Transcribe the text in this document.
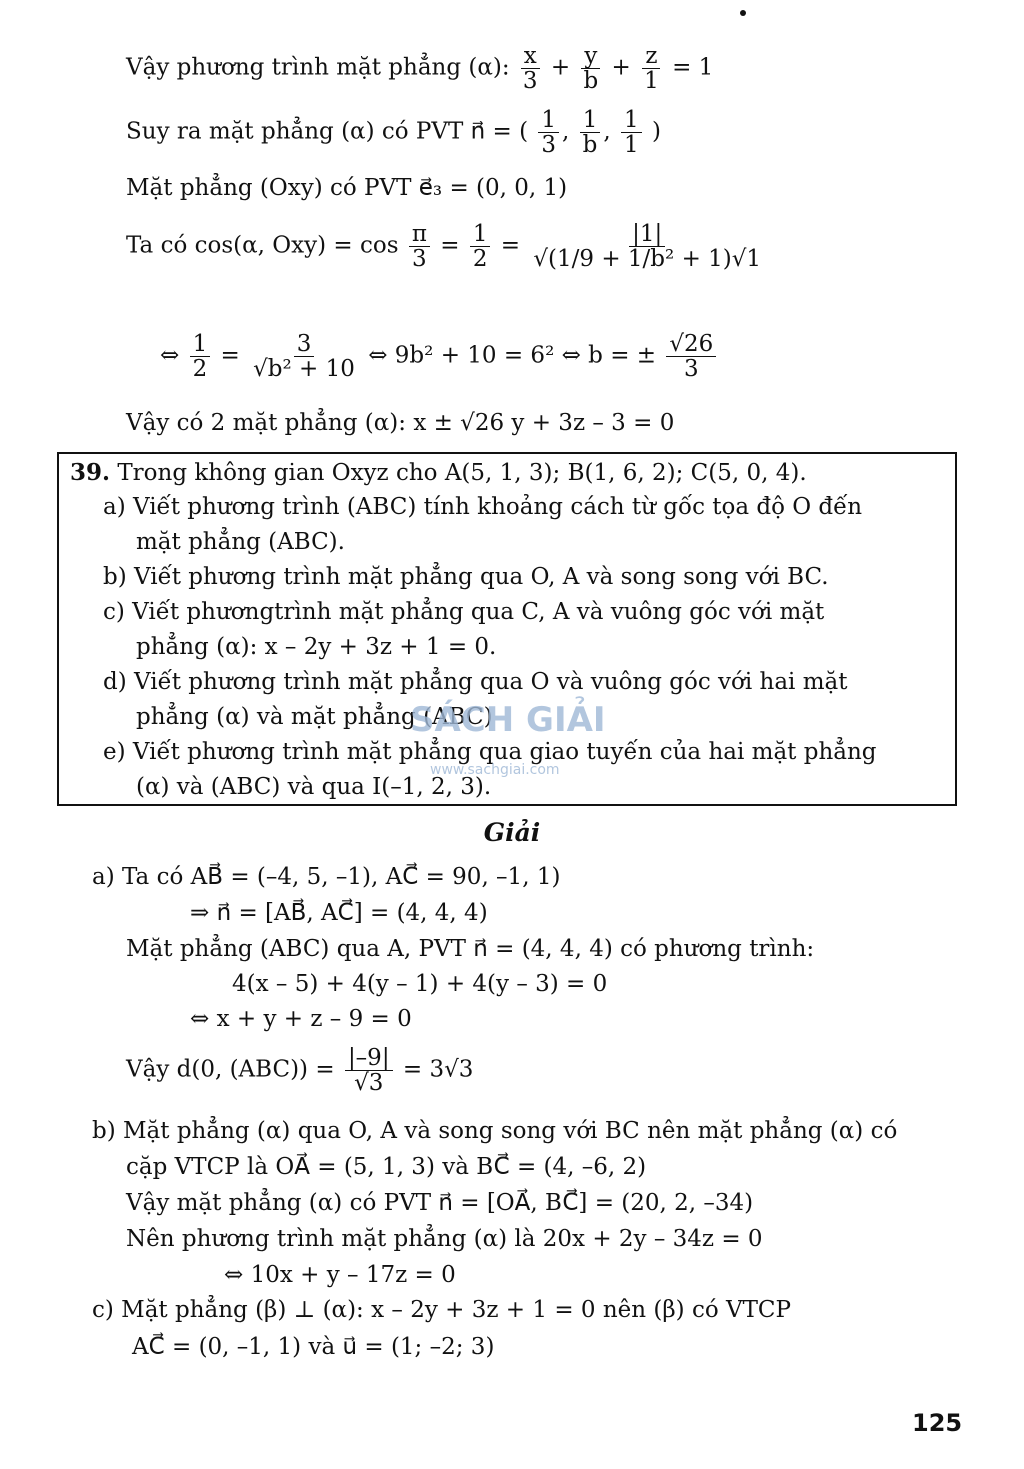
Vậy phương trình mặt phẳng (α): $\frac{x}{3} + \frac{y}{b} + \frac{z}{1} = 1$
Suy ra mặt phẳng (α) có PVT n⃗ = ( $\frac{1}{3}$ , $\frac{1}{b}$ , $\frac{1}{1}$ )
Mặt phẳng (Oxy) có PVT e⃗₃ = (0, 0, 1)
Ta có cos(α, $Oxy) = \cos \frac{\pi}{3} = \frac{1}{2} = \frac{|1|}{\text{√(1/9 + 1/b² + 1)√1}}$
⇔ $\frac{1}{2} = \frac{3}{\text{√b² + 10}}$ ⇔ 9b² + 10 = 6² ⇔ b = ± $\frac{√26}{3}$
Vậy có 2 mặt phẳng (α): x ± √26 y + 3z – 3 = 0
39. Trong không gian Oxyz cho A(5, 1, 3); B(1, 6, 2); C(5, 0, 4).
a) Viết phương trình (ABC) tính khoảng cách từ gốc tọa độ O đến
mặt phẳng (ABC).
b) Viết phương trình mặt phẳng qua O, A và song song với BC.
c) Viết phươngtrình mặt phẳng qua C, A và vuông góc với mặt
phẳng (α): x – 2y + 3z + 1 = 0.
d) Viết phương trình mặt phẳng qua O và vuông góc với hai mặt
phẳng (α) và mặt phẳng (ABC)
e) Viết phương trình mặt phẳng qua giao tuyến của hai mặt phẳng
(α) và (ABC) và qua I(–1, 2, 3).
SÁCH GIẢI
www.sachgiai.com
Giải
a) Ta có AB⃗ = (–4, 5, –1), AC⃗ = 90, –1, 1)
⇒ n⃗ = [AB⃗, AC⃗] = (4, 4, 4)
Mặt phẳng (ABC) qua A, PVT n⃗ = (4, 4, 4) có phương trình:
4(x – 5) + 4(y – 1) + 4(y – 3) = 0
⇔ x + y + z – 9 = 0
Vậy d(0, $(ABC)) = \frac{|-9|}{√3} = 3√3$
b) Mặt phẳng (α) qua O, A và song song với BC nên mặt phẳng (α) có
cặp VTCP là OA⃗ = (5, 1, 3) và BC⃗ = (4, –6, 2)
Vậy mặt phẳng (α) có PVT n⃗ = [OA⃗, BC⃗] = (20, 2, –34)
Nên phương trình mặt phẳng (α) là 20x + 2y – 34z = 0
⇔ 10x + y – 17z = 0
c) Mặt phẳng (β) ⊥ (α): x – 2y + 3z + 1 = 0 nên (β) có VTCP
AC⃗ = (0, –1, 1) và u⃗ = (1; –2; 3)
125
